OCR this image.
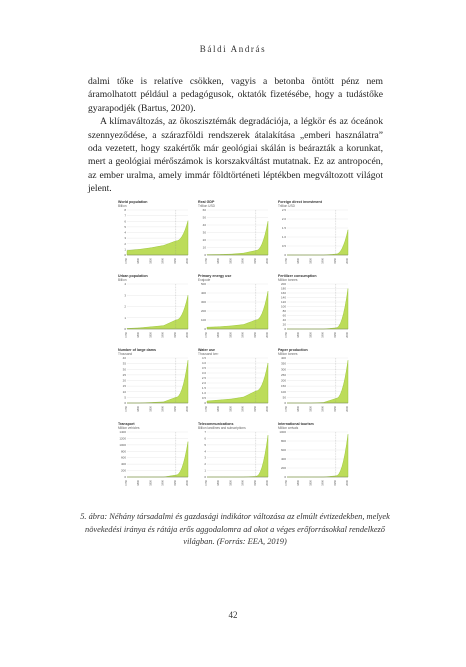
Báldi András

dalmi tőke is relatíve csökken, vagyis a betonba öntött pénz nem áramolhatott például a pedagógusok, oktatók fizetésébe, hogy a tudástőke gyarapodjék (Bartus, 2020).

A klímaváltozás, az ökoszisztémák degradációja, a légkör és az óceánok szennyeződése, a szárazföldi rendszerek átalakítása „emberi használatra” oda vezetett, hogy szakértők már geológiai skálán is beárazták a korunkat, mert a geológiai mérőszámok is korszakváltást mutatnak. Ez az antropocén, az ember uralma, amely immár földtörténeti léptékben megváltozott világot jelent.

World population
Billion
8
7
6
5
4
3
2
1
0
1750	1800	1850	1900	1950	2000
Real GDP
Trillion USD
60
50
40
30
20
10
0
1750	1800	1850	1900	1950	2000
Foreign direct investment
Trillion USD
2.5
2.0
1.5
1.0
0.5
0
1750	1800	1850	1900	1950	2000
Urban population
Billion
4
3
2
1
0
1750	1800	1850	1900	1950	2000
Primary energy use
Exajoule
500
400
300
200
100
0
1750	1800	1850	1900	1950	2000
Fertilizer consumption
Million tonnes
200
180
160
140
120
100
80
60
40
20
0
1750	1800	1850	1900	1950	2000
Number of large dams
Thousand
40
35
30
25
20
15
10
5
0
1750	1800	1850	1900	1950	2000
Water use
Thousand km³
4.5
4.0
3.5
3.0
2.5
2.0
1.5
1.0
0.5
0
1750	1800	1850	1900	1950	2000
Paper production
Million tonnes
400
350
300
250
200
150
100
50
0
1750	1800	1850	1900	1950	2000
Transport
Million vehicles
1400
1200
1000
800
600
400
200
0
1750	1800	1850	1900	1950	2000
Telecommunications
Billion landlines and subscriptions
7
6
5
4
3
2
1
0
1750	1800	1850	1900	1950	2000
International tourism
Million arrivals
1000
800
600
400
200
0
1750	1800	1850	1900	1950	2000
5. ábra: Néhány társadalmi és gazdasági indikátor változása az elmúlt évtizedekben, melyek növekedési iránya és rátája erős aggodalomra ad okot a véges erőforrásokkal rendelkező világban. (Forrás: EEA, 2019)
42
